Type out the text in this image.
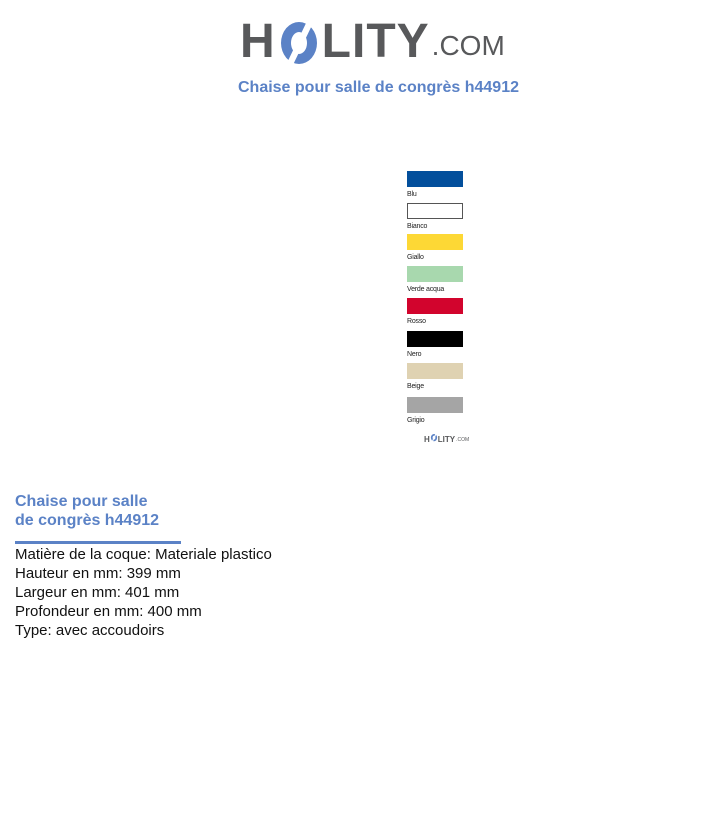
H LITY .COM
Chaise pour salle de congrès h44912
Blu
Bianco
Giallo
Verde acqua
Rosso
Nero
Beige
Grigio
H LITY .COM
Chaise pour salle
de congrès h44912
Matière de la coque: Materiale plastico
Hauteur en mm: 399 mm
Largeur en mm: 401 mm
Profondeur en mm: 400 mm
Type: avec accoudoirs
